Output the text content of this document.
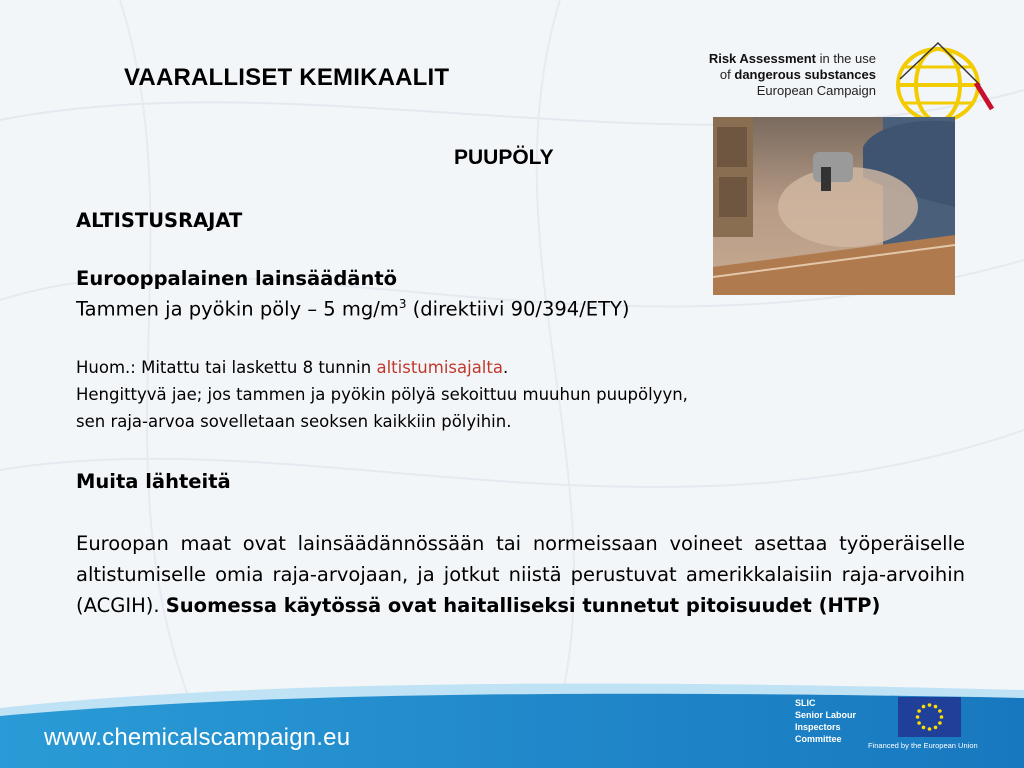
VAARALLISET KEMIKAALIT
Risk Assessment in the use
of dangerous substances
European Campaign
PUUPÖLY
ALTISTUSRAJAT
Eurooppalainen lainsäädäntö
Tammen ja pyökin pöly – 5 $mg/m^3$ (direktiivi 90/394/ETY)
Huom.: Mitattu tai laskettu 8 tunnin altistumisajalta.
Hengittyvä jae; jos tammen ja pyökin pölyä sekoittuu muuhun puupölyyn,
sen raja-arvoa sovelletaan seoksen kaikkiin pölyihin.
Muita lähteitä
Euroopan maat ovat lainsäädännössään tai normeissaan voineet asettaa työperäiselle altistumiselle omia raja-arvojaan, ja jotkut niistä perustuvat amerikkalaisiin raja-arvoihin (ACGIH). Suomessa käytössä ovat haitalliseksi tunnetut pitoisuudet (HTP)
www.chemicalscampaign.eu
SLIC
Senior Labour
Inspectors
Committee
Financed by the European Union
